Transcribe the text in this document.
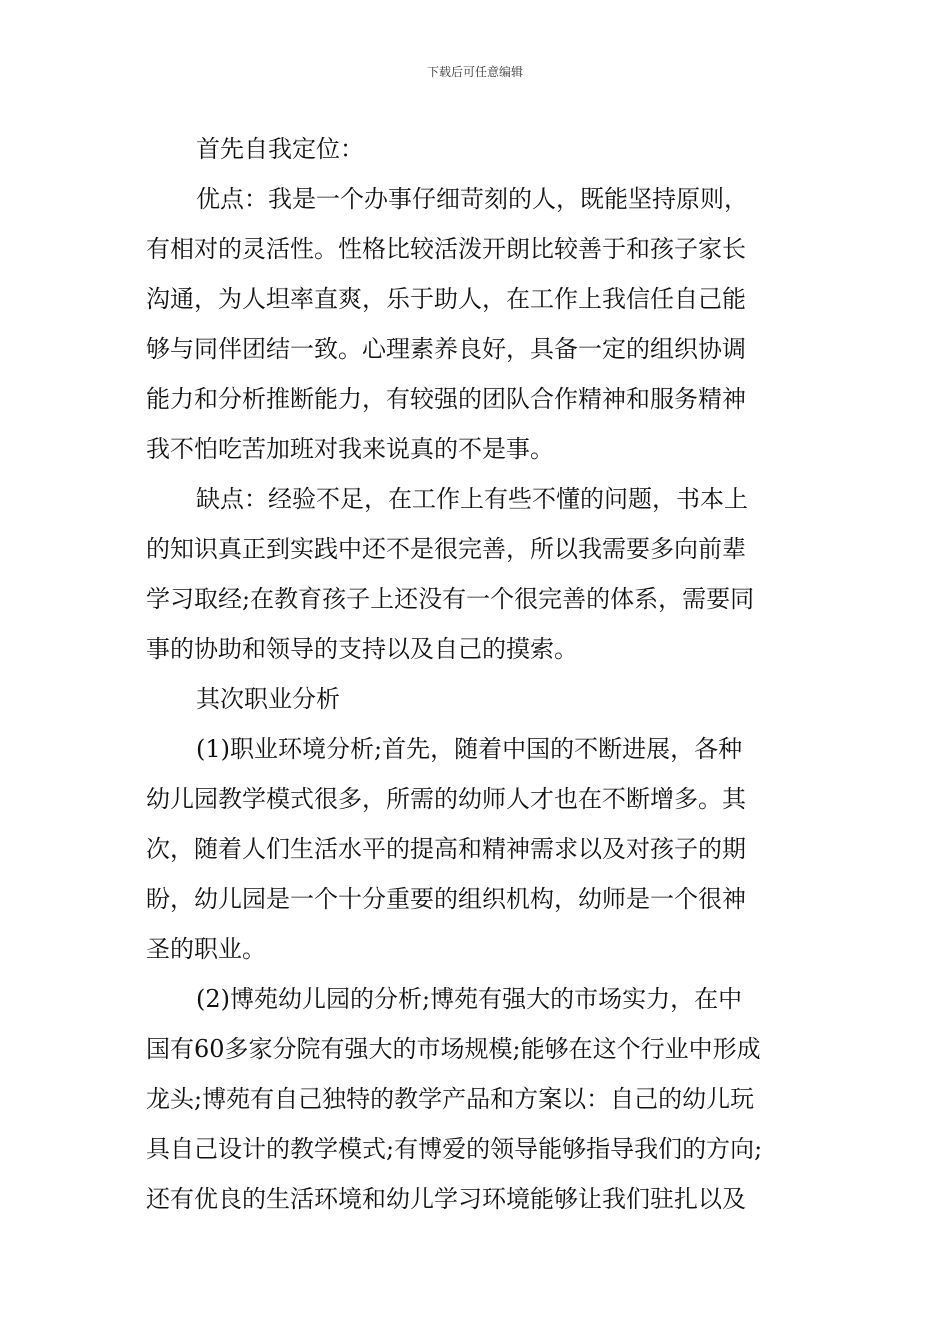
下载后可任意编辑

首先自我定位：

优点：我是一个办事仔细苛刻的人，既能坚持原则，

有相对的灵活性。性格比较活泼开朗比较善于和孩子家长

沟通，为人坦率直爽，乐于助人，在工作上我信任自己能

够与同伴团结一致。心理素养良好，具备一定的组织协调

能力和分析推断能力，有较强的团队合作精神和服务精神

我不怕吃苦加班对我来说真的不是事。

缺点：经验不足，在工作上有些不懂的问题，书本上

的知识真正到实践中还不是很完善，所以我需要多向前辈

学习取经;在教育孩子上还没有一个很完善的体系，需要同

事的协助和领导的支持以及自己的摸索。

其次职业分析

(1)职业环境分析;首先，随着中国的不断进展，各种

幼儿园教学模式很多，所需的幼师人才也在不断增多。其

次，随着人们生活水平的提高和精神需求以及对孩子的期

盼，幼儿园是一个十分重要的组织机构，幼师是一个很神

圣的职业。

(2)博苑幼儿园的分析;博苑有强大的市场实力，在中

国有60多家分院有强大的市场规模;能够在这个行业中形成

龙头;博苑有自己独特的教学产品和方案以：自己的幼儿玩

具自己设计的教学模式;有博爱的领导能够指导我们的方向;

还有优良的生活环境和幼儿学习环境能够让我们驻扎以及
